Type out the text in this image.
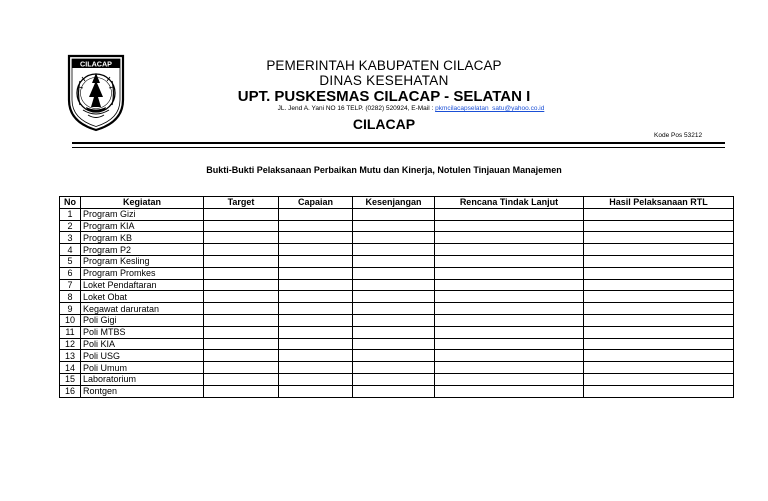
CILACAP	PEMERINTAH KABUPATEN CILACAP
DINAS KESEHATAN
UPT. PUSKESMAS CILACAP - SELATAN I
JL. Jend A. Yani NO 16 TELP. (0282) 520924, E-Mail : pkmcilacapselatan_satu@yahoo.co.id
CILACAP
Kode Pos 53212
Bukti-Bukti Pelaksanaan Perbaikan Mutu dan Kinerja, Notulen Tinjauan Manajemen
No	Kegiatan	Target	Capaian	Kesenjangan	Rencana Tindak Lanjut	Hasil Pelaksanaan RTL
1	Program Gizi					
2	Program KIA					
3	Program KB					
4	Program P2					
5	Program Kesling					
6	Program Promkes					
7	Loket Pendaftaran					
8	Loket Obat					
9	Kegawat daruratan					
10	Poli Gigi					
11	Poli MTBS					
12	Poli KIA					
13	Poli USG					
14	Poli Umum					
15	Laboratorium					
16	Rontgen					
